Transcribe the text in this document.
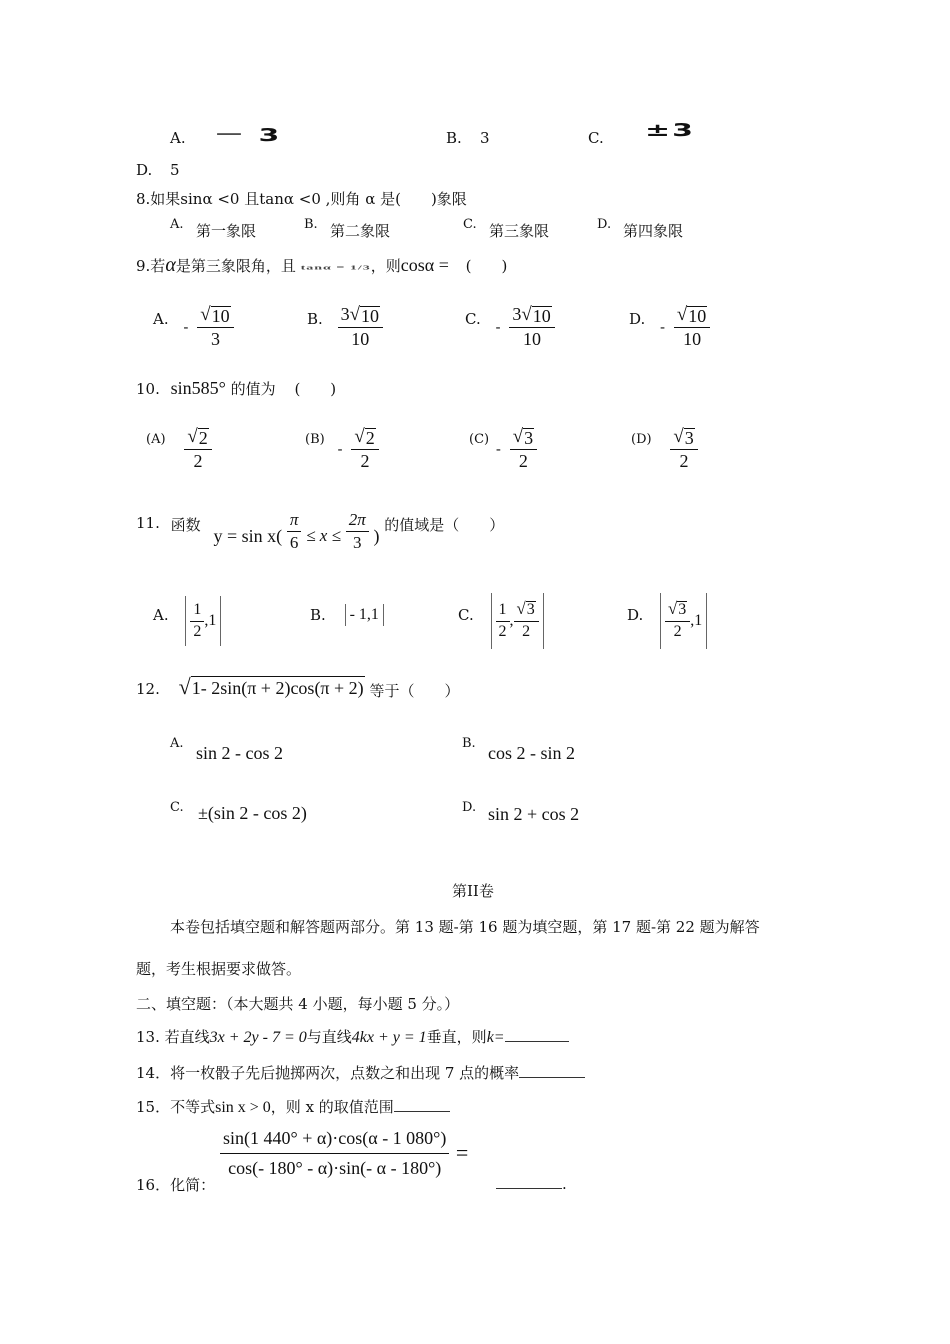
A. － 3	B. 3	C. ±3
D. 5
8.如果sinα <0 且tanα <0 ,则角 α 是(　　)象限
A. 第一象限	B. 第二象限	C. 第三象限	D. 第四象限
9.若α是第三象限角，且 tanα = 1/3，则cosα = (　　)
A. - $\frac{√ 10}{3}$	B. $\frac{3 √ 10}{10}$	C. - $\frac{3 √ 10}{10}$	D. - $\frac{√ 10}{10}$
10. sin585° 的值为 (　　)
$(A) \frac{√ 2}{2}$	$(B) - \frac{√ 2}{2}$	$(C) - \frac{√ 3}{2}$	$(D) \frac{√ 3}{2}$
11. 函数 $y = \sin x( \frac{\pi}{6} \le x \le \frac{2\pi}{3}$ ) 的值域是（　　）
A. $\frac{1}{2} ,1$	B. - 1,1	C. $\frac{1}{2}$ , $\frac{√ 3}{2}$	D. $\frac{√ 3}{2} ,1$
12. √ 1- 2sin(π + 2)cos(π + 2) 等于（　　）
A. sin 2 - cos 2	B. cos 2 - sin 2
C. ±(sin 2 - cos 2)	D. sin 2 + cos 2
第II卷
本卷包括填空题和解答题两部分。第 13 题-第 16 题为填空题，第 17 题-第 22 题为解答
题，考生根据要求做答。
二、填空题：（本大题共 4 小题，每小题 5 分。）
13. 若直线3x + 2y - 7 = 0与直线4kx + y = 1垂直，则k=
14．将一枚骰子先后抛掷两次，点数之和出现 7 点的概率
15．不等式sin x > 0，则 x 的取值范围
16．化简：
$\frac{\sin(1 440^\circ + \alpha)\cdot\cos(\alpha - 1 080^\circ)}{\cos(- 180^\circ - \alpha)\cdot\sin(- \alpha - 180^\circ)}$ =
.
